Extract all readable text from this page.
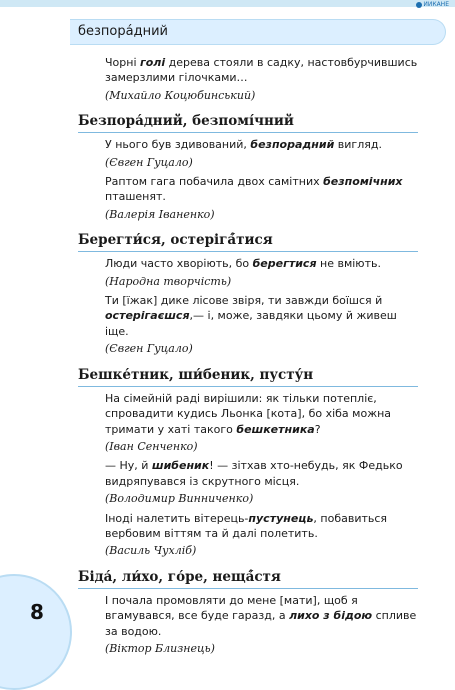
ИИКАНЕ
безпора́дний
Чорні голі дерева стояли в садку, настовбурчившись замерзлими гілочками…
(Михайло Коцюбинський)
Безпора́дний, безпомі́чний
У нього був здивований, безпорадний вигляд.
(Євген Гуцало)
Раптом гага побачила двох самітних безпомічних пташенят.
(Валерія Іваненко)
Берегти́ся, остерігá́тися
Люди часто хворіють, бо берегтися не вміють.
(Народна творчість)
Ти [їжак] дике лісове звіря, ти завжди боїшся й остерігаєшся,— і, може, завдяки цьому й живеш іще.
(Євген Гуцало)
Бешке́тник, ши́беник, пусту́н
На сімейній раді вирішили: як тільки потепліє, спровадити кудись Льонка [кота], бо хіба можна тримати у хаті такого бешкетника?
(Іван Сенченко)
— Ну, й шибеник! — зітхав хто-небудь, як Федько видряпувався із скрутного місця.
(Володимир Винниченко)
Іноді налетить вітерець-пустунець, побавиться вербовим віттям та й далі полетить.
(Василь Чухліб)
Біда́, ли́хо, го́ре, нещá́стя
І почала промовляти до мене [мати], щоб я вгамувався, все буде гаразд, а лихо з бідою спливе за водою.
(Віктор Близнець)
8
